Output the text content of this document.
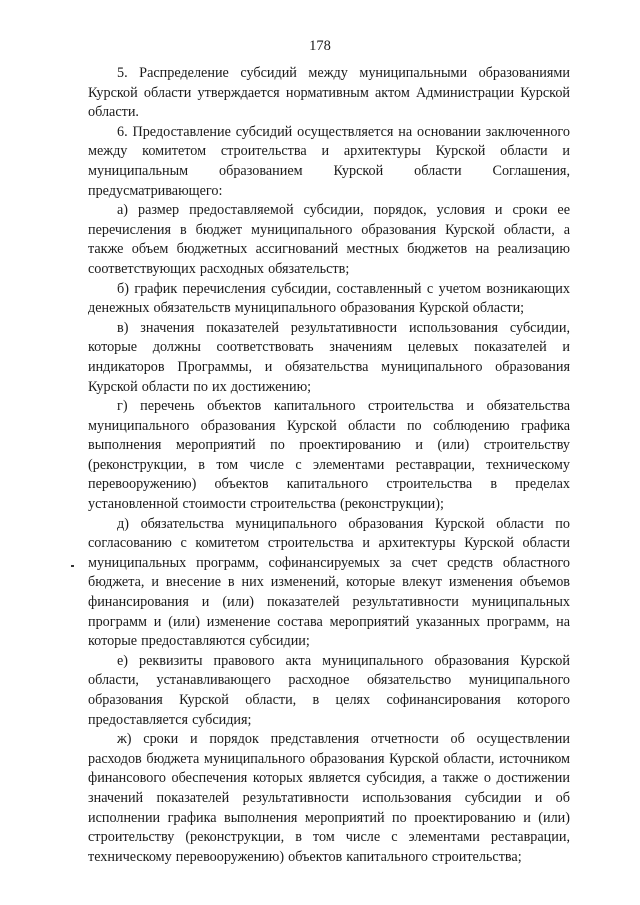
178

5. Распределение субсидий между муниципальными образованиями Курской области утверждается нормативным актом Администрации Курской области.

6. Предоставление субсидий осуществляется на основании заключенного между комитетом строительства и архитектуры Курской области и муниципальным образованием Курской области Соглашения, предусматривающего:

а) размер предоставляемой субсидии, порядок, условия и сроки ее перечисления в бюджет муниципального образования Курской области, а также объем бюджетных ассигнований местных бюджетов на реализацию соответствующих расходных обязательств;

б) график перечисления субсидии, составленный с учетом возникающих денежных обязательств муниципального образования Курской области;

в) значения показателей результативности использования субсидии, которые должны соответствовать значениям целевых показателей и индикаторов Программы, и обязательства муниципального образования Курской области по их достижению;

г) перечень объектов капитального строительства и обязательства муниципального образования Курской области по соблюдению графика выполнения мероприятий по проектированию и (или) строительству (реконструкции, в том числе с элементами реставрации, техническому перевооружению) объектов капитального строительства в пределах установленной стоимости строительства (реконструкции);

д) обязательства муниципального образования Курской области по согласованию с комитетом строительства и архитектуры Курской области муниципальных программ, софинансируемых за счет средств областного бюджета, и внесение в них изменений, которые влекут изменения объемов финансирования и (или) показателей результативности муниципальных программ и (или) изменение состава мероприятий указанных программ, на которые предоставляются субсидии;

е) реквизиты правового акта муниципального образования Курской области, устанавливающего расходное обязательство муниципального образования Курской области, в целях софинансирования которого предоставляется субсидия;

ж) сроки и порядок представления отчетности об осуществлении расходов бюджета муниципального образования Курской области, источником финансового обеспечения которых является субсидия, а также о достижении значений показателей результативности использования субсидии и об исполнении графика выполнения мероприятий по проектированию и (или) строительству (реконструкции, в том числе с элементами реставрации, техническому перевооружению) объектов капитального строительства;
